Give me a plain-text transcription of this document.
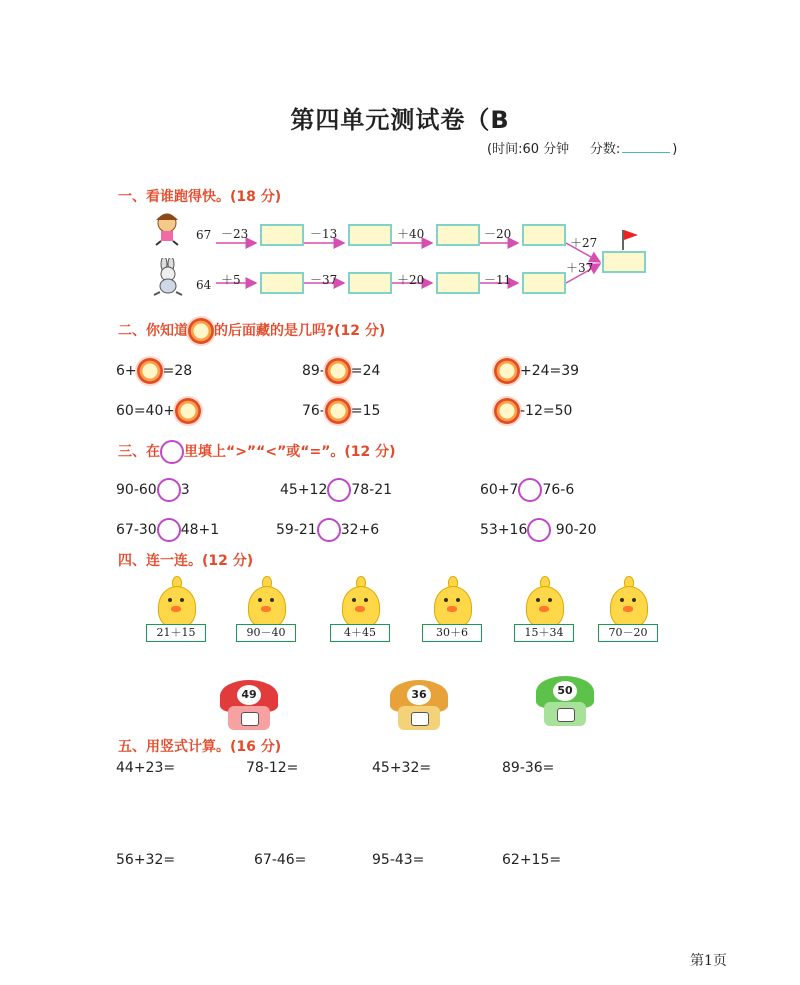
第四单元测试卷（B
(时间:60 分钟 分数:	)
一、看谁跑得快。(18 分)
67
64
－23	－13	＋40	－20
＋27
＋5	－37	＋20	－11
＋37
二、你知道 的后面藏的是几吗?(12 分)
6+ =28	89- =24	+24=39
60=40+	76- =15	-12=50
三、在 里填上“>”“<”或“=”。(12 分)
90-60 3	45+12 78-21	60+7 76-6
67-30 48+1	59-21 32+6	53+16 90-20
四、连一连。(12 分)
21＋15	90－40	4＋45	30＋6	15＋34	70－20
49	36	50
五、用竖式计算。(16 分)
44+23=	78-12=	45+32=	89-36=
56+32=	67-46=	95-43=	62+15=
第1页
